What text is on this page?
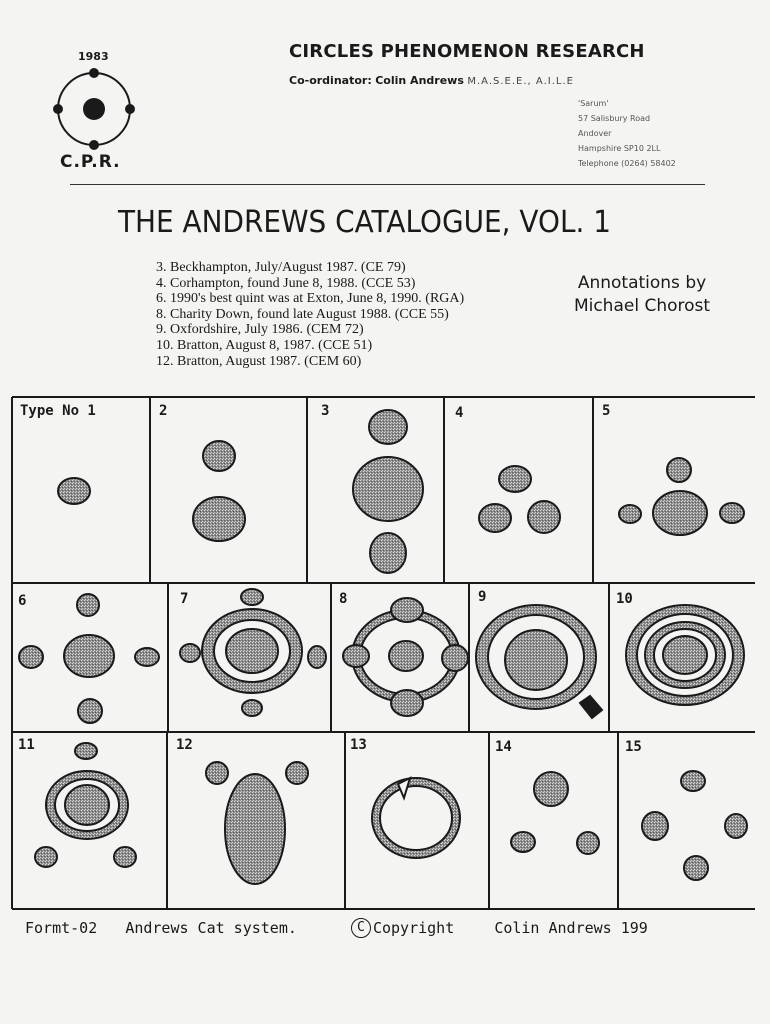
1983
C.P.R.
CIRCLES PHENOMENON RESEARCH
Co-ordinator: Colin Andrews M.A.S.E.E., A.I.L.E
'Sarum'
57 Salisbury Road
Andover
Hampshire SP10 2LL
Telephone (0264) 58402
THE ANDREWS CATALOGUE, VOL. 1
3. Beckhampton, July/August 1987. (CE 79)
4. Corhampton, found June 8, 1988. (CCE 53)
6. 1990's best quint was at Exton, June 8, 1990. (RGA)
8. Charity Down, found late August 1988. (CCE 55)
9. Oxfordshire, July 1986. (CEM 72)
10. Bratton, August 8, 1987. (CCE 51)
12. Bratton, August 1987. (CEM 60)
Annotations by
Michael Chorost
Type No 1	2	3	4	5
6	7	8	9	10
11	12	13	14	15
Formt-02 Andrews Cat system.	C Copyright	Colin Andrews 199
